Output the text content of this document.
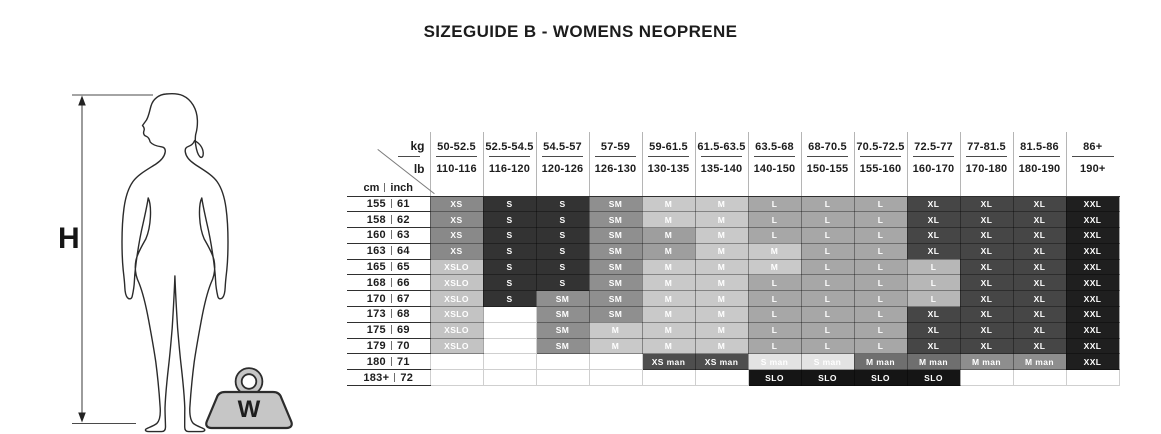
SIZEGUIDE B - WOMENS NEOPRENE
H
W
kg	50-52.5	52.5-54.5	54.5-57	57-59	59-61.5	61.5-63.5	63.5-68	68-70.5	70.5-72.5	72.5-77	77-81.5	81.5-86	86+

lb	110-116	116-120	120-126	126-130	130-135	135-140	140-150	150-155	155-160	160-170	170-180	180-190	190+
cm inch													
155 61	XS	S	S	SM	M	M	L	L	L	XL	XL	XL	XXL
158 62	XS	S	S	SM	M	M	L	L	L	XL	XL	XL	XXL
160 63	XS	S	S	SM	M	M	L	L	L	XL	XL	XL	XXL
163 64	XS	S	S	SM	M	M	M	L	L	XL	XL	XL	XXL
165 65	XSLO	S	S	SM	M	M	M	L	L	L	XL	XL	XXL
168 66	XSLO	S	S	SM	M	M	L	L	L	L	XL	XL	XXL
170 67	XSLO	S	SM	SM	M	M	L	L	L	L	XL	XL	XXL
173 68	XSLO		SM	SM	M	M	L	L	L	XL	XL	XL	XXL
175 69	XSLO		SM	M	M	M	L	L	L	XL	XL	XL	XXL
179 70	XSLO		SM	M	M	M	L	L	L	XL	XL	XL	XXL
180 71					XS man	XS man	S man	S man	M man	M man	M man	M man	XXL
183+ 72							SLO	SLO	SLO	SLO			
